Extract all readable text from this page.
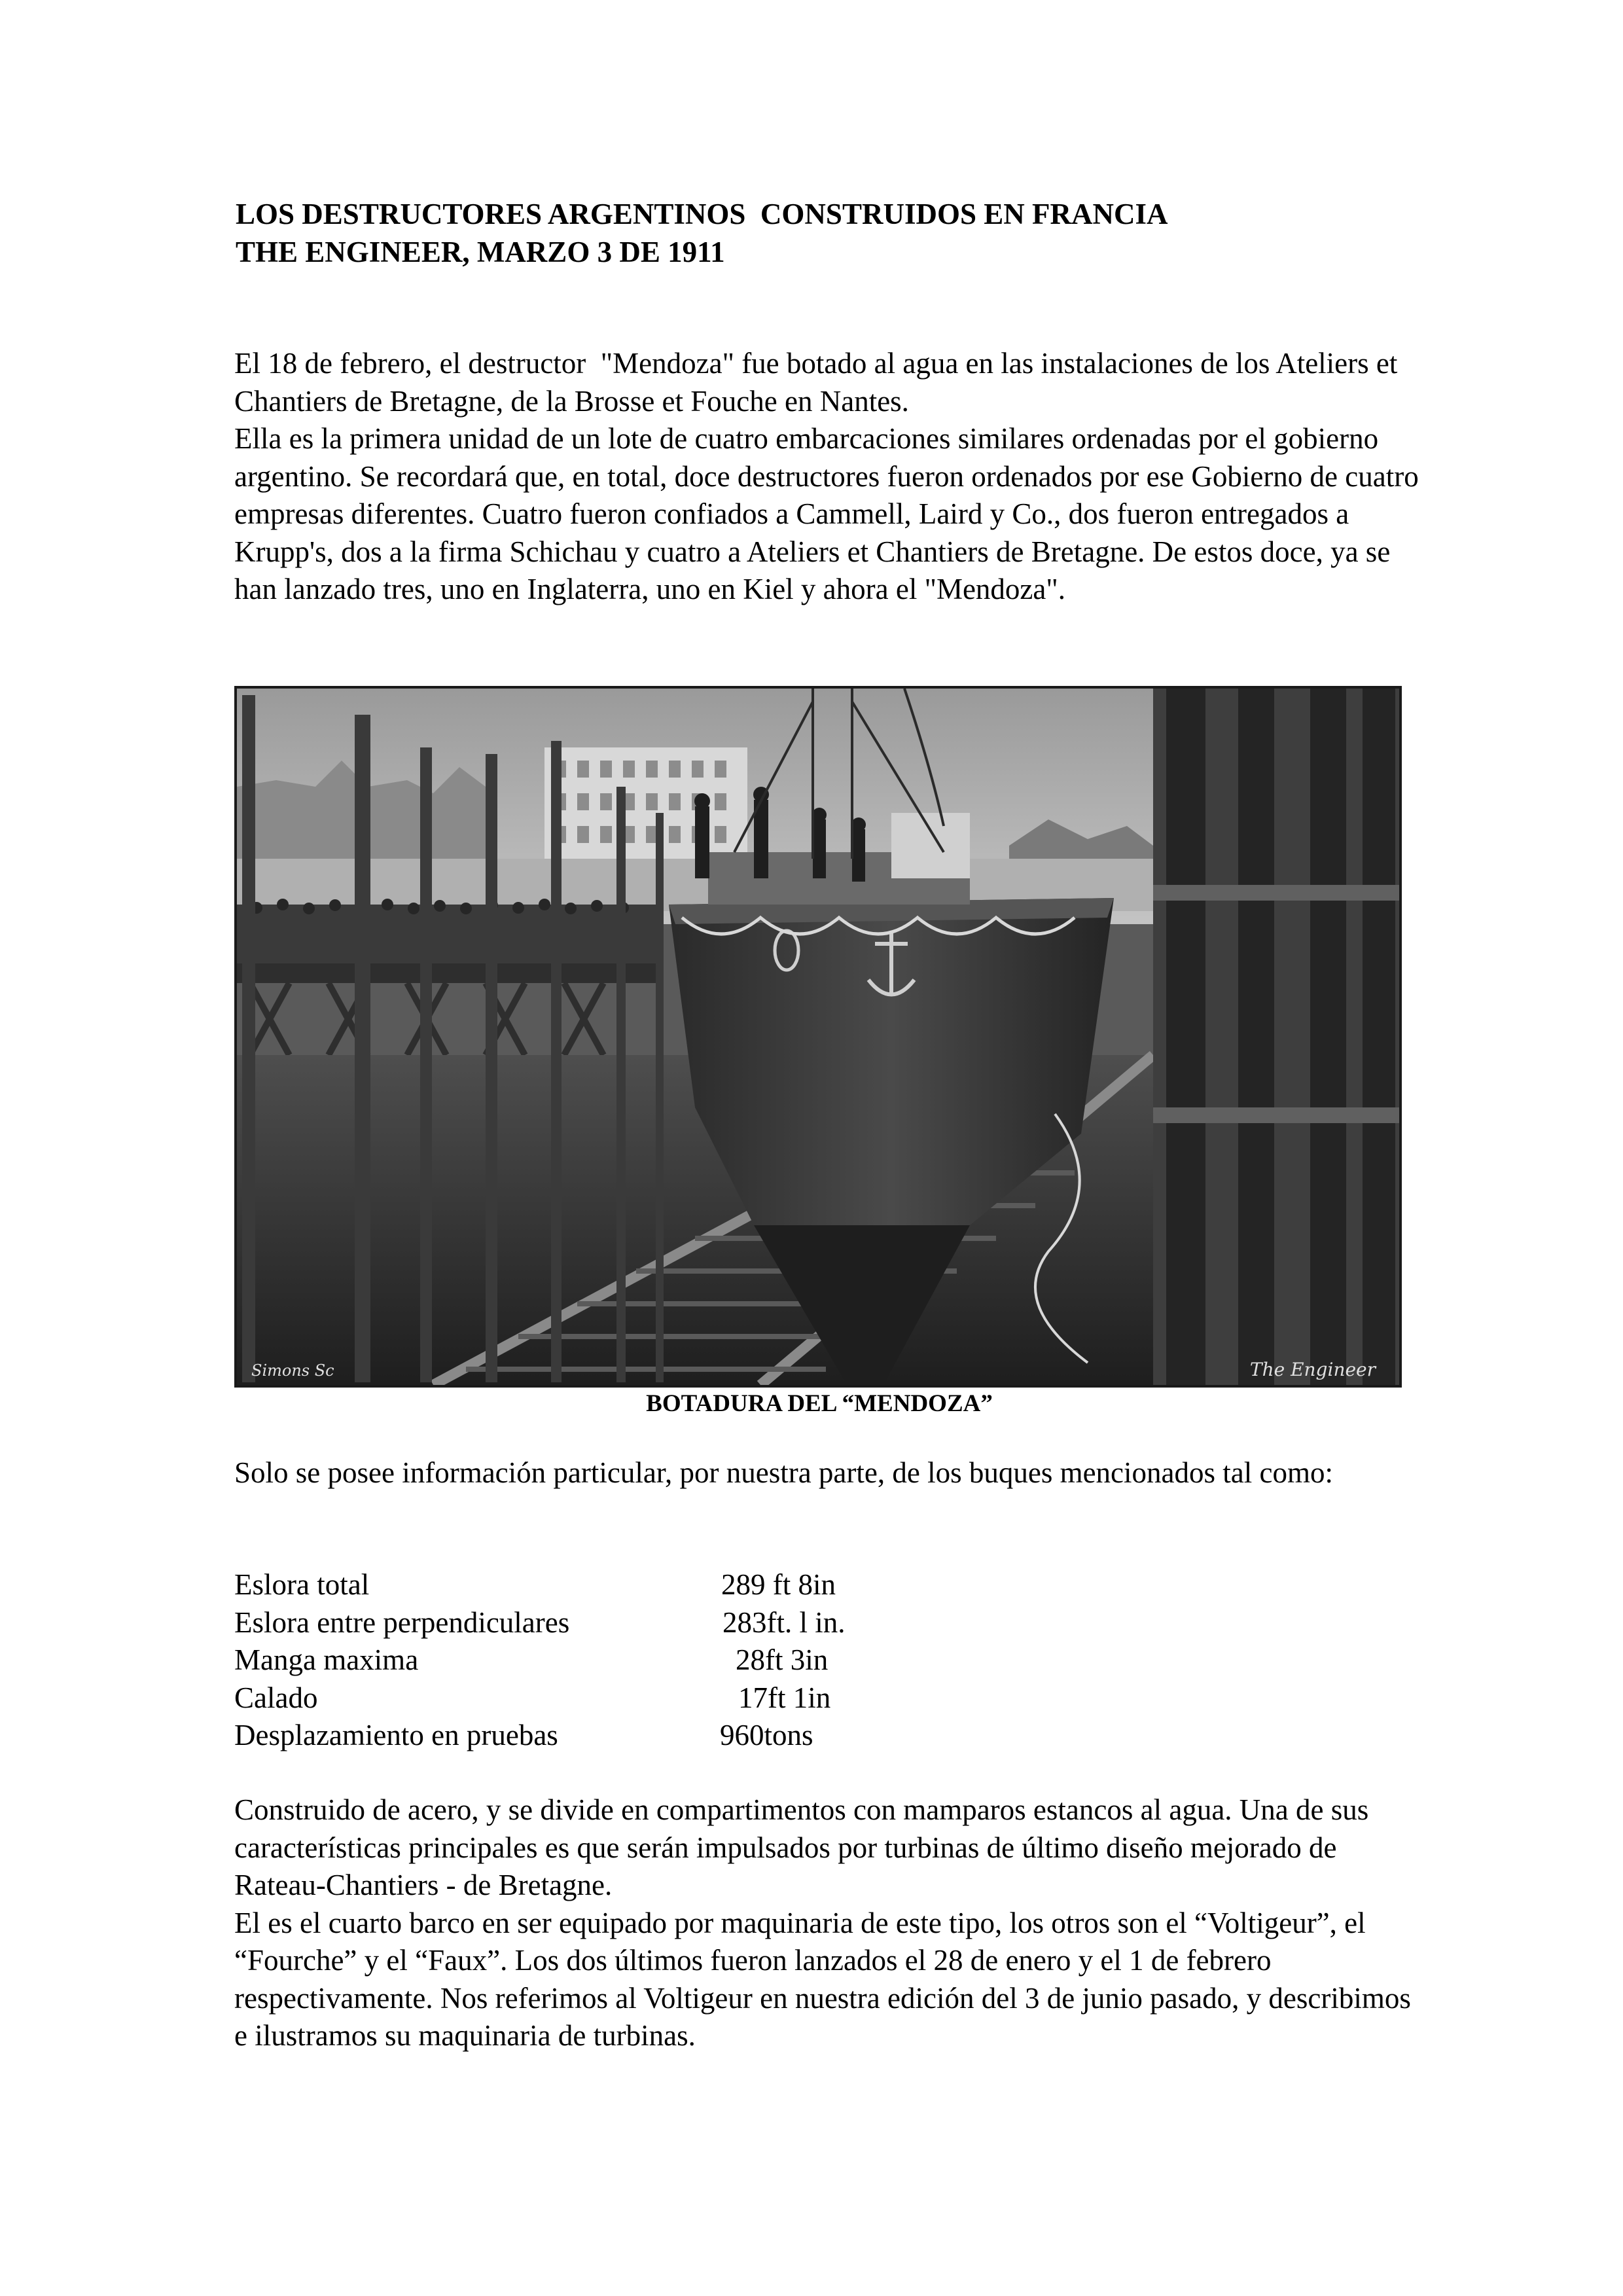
LOS DESTRUCTORES ARGENTINOS  CONSTRUIDOS EN FRANCIA
THE ENGINEER, MARZO 3 DE 1911

El 18 de febrero, el destructor  "Mendoza" fue botado al agua en las instalaciones de los Ateliers et Chantiers de Bretagne, de la Brosse et Fouche en Nantes.

Ella es la primera unidad de un lote de cuatro embarcaciones similares ordenadas por el gobierno argentino. Se recordará que, en total, doce destructores fueron ordenados por ese Gobierno de cuatro empresas diferentes. Cuatro fueron confiados a Cammell, Laird y Co., dos fueron entregados a Krupp's, dos a la firma Schichau y cuatro a Ateliers et Chantiers de Bretagne. De estos doce, ya se han lanzado tres, uno en Inglaterra, uno en Kiel y ahora el "Mendoza".

Simons Sc	The Engineer
BOTADURA DEL “MENDOZA”
Solo se posee información particular, por nuestra parte, de los buques mencionados tal como:
Eslora total	289 ft 8in
Eslora entre perpendiculares	283ft. l in.
Manga maxima	28ft 3in
Calado	17ft 1in
Desplazamiento en pruebas	960tons

Construido de acero, y se divide en compartimentos con mamparos estancos al agua. Una de sus características principales es que serán impulsados por turbinas de último diseño mejorado de Rateau-Chantiers - de Bretagne.

El es el cuarto barco en ser equipado por maquinaria de este tipo, los otros son el “Voltigeur”, el “Fourche” y el “Faux”. Los dos últimos fueron lanzados el 28 de enero y el 1 de febrero respectivamente. Nos referimos al Voltigeur en nuestra edición del 3 de junio pasado, y describimos e ilustramos su maquinaria de turbinas.
